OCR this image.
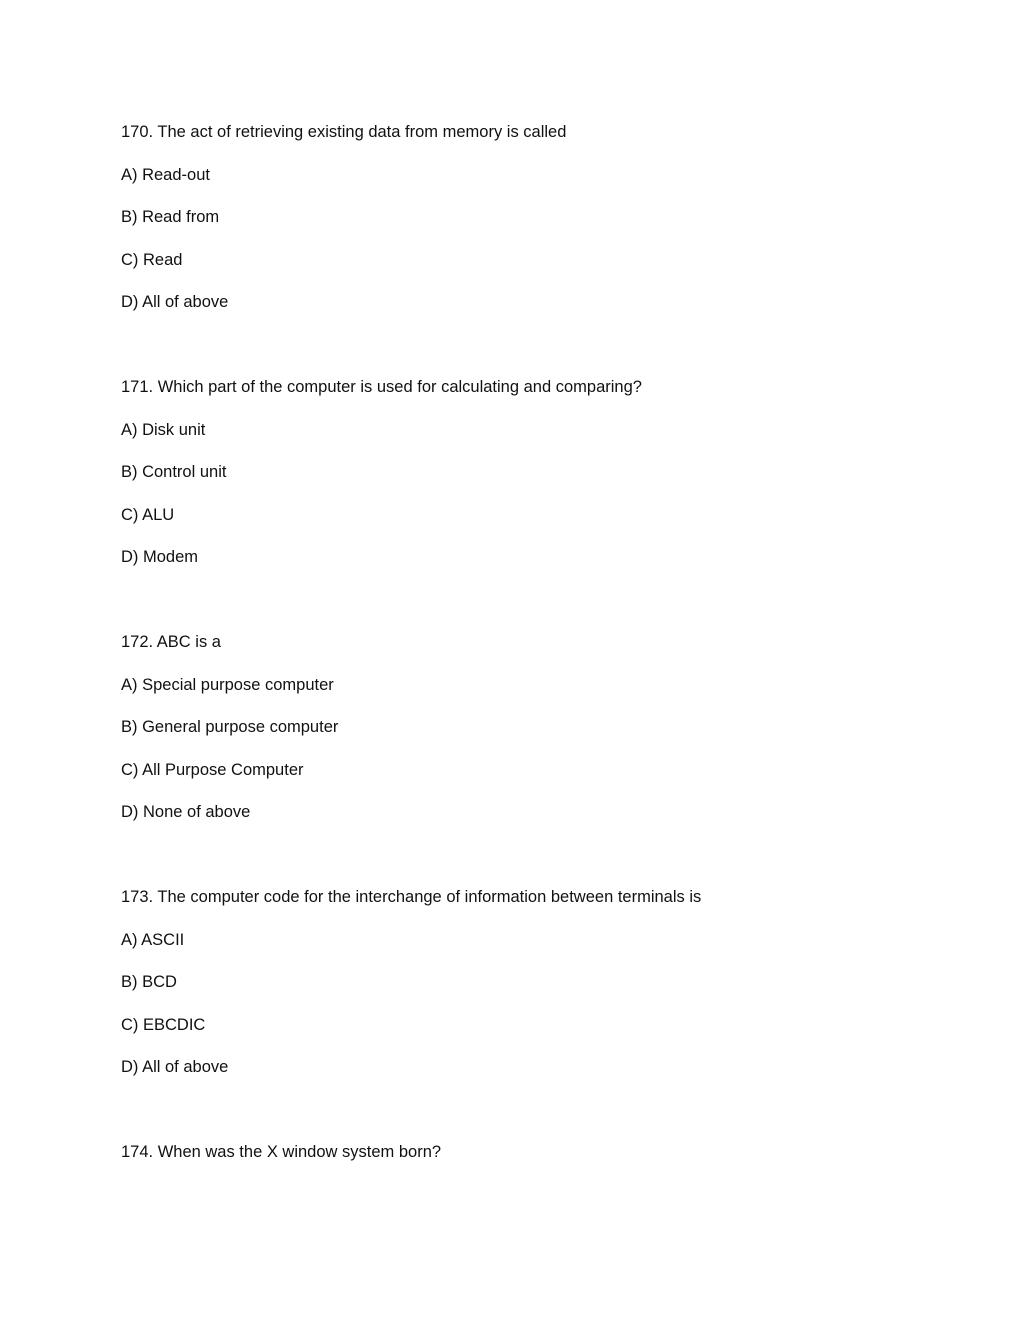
170. The act of retrieving existing data from memory is called
A) Read-out
B) Read from
C) Read
D) All of above
171. Which part of the computer is used for calculating and comparing?
A) Disk unit
B) Control unit
C) ALU
D) Modem
172. ABC is a
A) Special purpose computer
B) General purpose computer
C) All Purpose Computer
D) None of above
173. The computer code for the interchange of information between terminals is
A) ASCII
B) BCD
C) EBCDIC
D) All of above
174. When was the X window system born?
